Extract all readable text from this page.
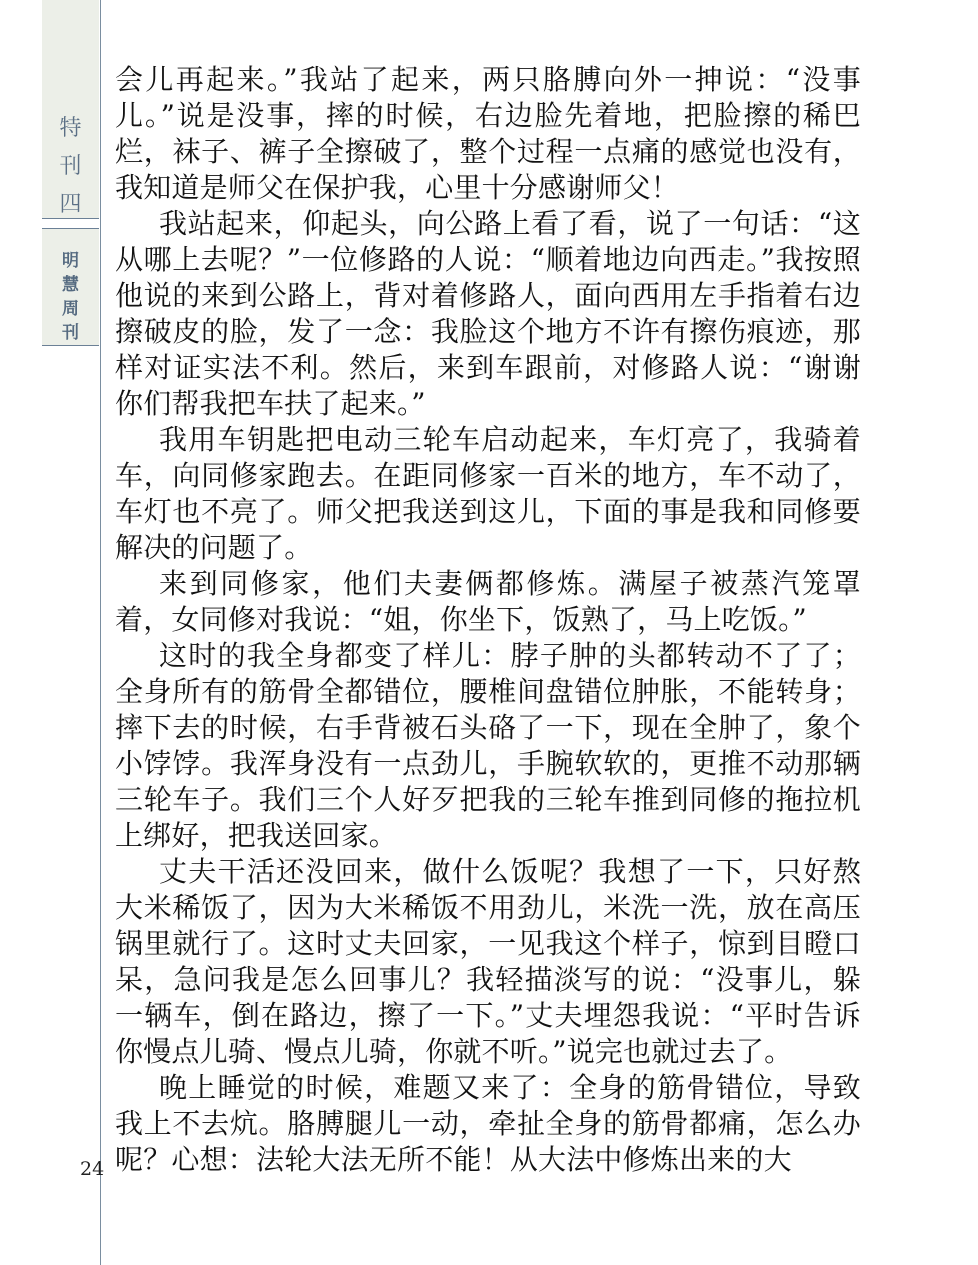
特
刊
四
明
慧
周
刊
24

会儿再起来。”我站了起来，两只胳膊向外一抻说：“没事儿。”说是没事，摔的时候，右边脸先着地，把脸擦的稀巴烂，袜子、裤子全擦破了，整个过程一点痛的感觉也没有，我知道是师父在保护我，心里十分感谢师父！

我站起来，仰起头，向公路上看了看，说了一句话：“这从哪上去呢？”一位修路的人说：“顺着地边向西走。”我按照他说的来到公路上，背对着修路人，面向西用左手指着右边擦破皮的脸，发了一念：我脸这个地方不许有擦伤痕迹，那样对证实法不利。然后，来到车跟前，对修路人说：“谢谢你们帮我把车扶了起来。”

我用车钥匙把电动三轮车启动起来，车灯亮了，我骑着车，向同修家跑去。在距同修家一百米的地方，车不动了，车灯也不亮了。师父把我送到这儿，下面的事是我和同修要解决的问题了。

来到同修家，他们夫妻俩都修炼。满屋子被蒸汽笼罩着，女同修对我说：“姐，你坐下，饭熟了，马上吃饭。”

这时的我全身都变了样儿：脖子肿的头都转动不了了；全身所有的筋骨全都错位，腰椎间盘错位肿胀，不能转身；摔下去的时候，右手背被石头硌了一下，现在全肿了，象个小饽饽。我浑身没有一点劲儿，手腕软软的，更推不动那辆三轮车子。我们三个人好歹把我的三轮车推到同修的拖拉机上绑好，把我送回家。

丈夫干活还没回来，做什么饭呢？我想了一下，只好熬大米稀饭了，因为大米稀饭不用劲儿，米洗一洗，放在高压锅里就行了。这时丈夫回家，一见我这个样子，惊到目瞪口呆，急问我是怎么回事儿？我轻描淡写的说：“没事儿，躲一辆车，倒在路边，擦了一下。”丈夫埋怨我说：“平时告诉你慢点儿骑、慢点儿骑，你就不听。”说完也就过去了。

晚上睡觉的时候，难题又来了：全身的筋骨错位，导致我上不去炕。胳膊腿儿一动，牵扯全身的筋骨都痛，怎么办呢？心想：法轮大法无所不能！从大法中修炼出来的大
